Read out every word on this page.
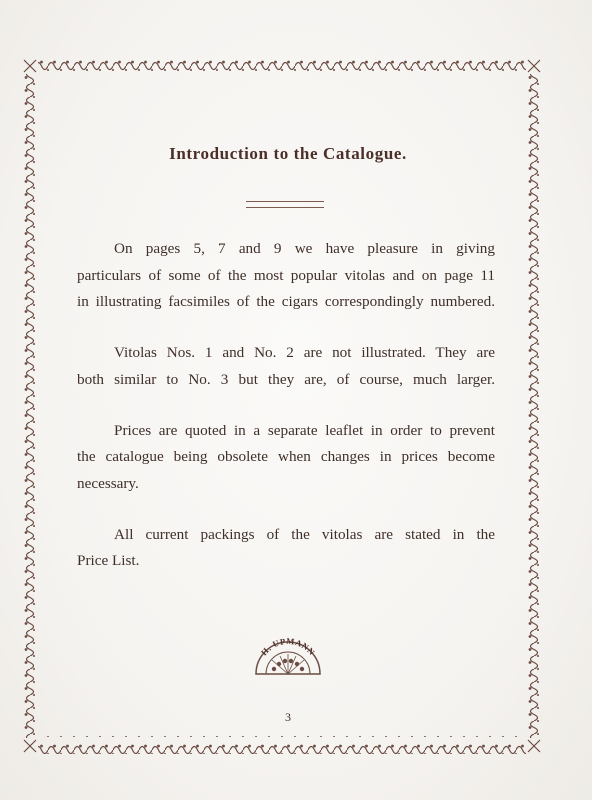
Introduction to the Catalogue.

On pages 5, 7 and 9 we have pleasure in giving
particulars of some of the most popular vitolas and on page 11
in illustrating facsimiles of the cigars correspondingly numbered.

Vitolas Nos. 1 and No. 2 are not illustrated. They are
both similar to No. 3 but they are, of course, much larger.

Prices are quoted in a separate leaflet in order to prevent
the catalogue being obsolete when changes in prices become
necessary.

All current packings of the vitolas are stated in the
Price List.

H. UPMANN
3
